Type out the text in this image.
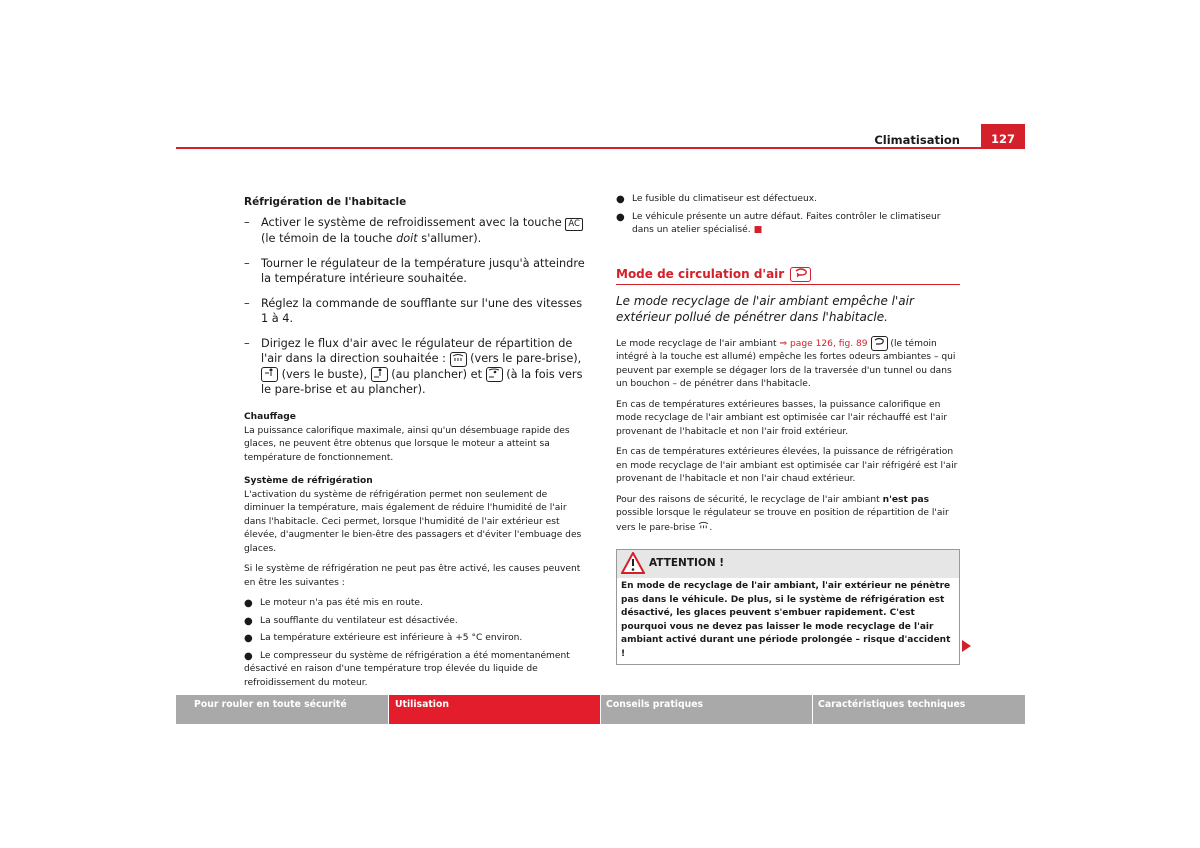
Climatisation	127
Réfrigération de l'habitacle
– Activer le système de refroidissement avec la touche AC (le témoin de la touche doit s'allumer).
– Tourner le régulateur de la température jusqu'à atteindre la température intérieure souhaitée.
– Réglez la commande de soufflante sur l'une des vitesses 1 à 4.
– Dirigez le flux d'air avec le régulateur de répartition de l'air dans la direction souhaitée :  (vers le pare-brise),  (vers le buste),  (au plancher) et  (à la fois vers le pare-brise et au plancher).
Chauffage

La puissance calorifique maximale, ainsi qu'un désembuage rapide des glaces, ne peuvent être obtenus que lorsque le moteur a atteint sa température de fonctionnement.

Système de réfrigération

L'activation du système de réfrigération permet non seulement de diminuer la température, mais également de réduire l'humidité de l'air dans l'habitacle. Ceci permet, lorsque l'humidité de l'air extérieur est élevée, d'augmenter le bien-être des passagers et d'éviter l'embuage des glaces.

Si le système de réfrigération ne peut pas être activé, les causes peuvent en être les suivantes :

● Le moteur n'a pas été mis en route.
● La soufflante du ventilateur est désactivée.
● La température extérieure est inférieure à +5 °C environ.
● Le compresseur du système de réfrigération a été momentanément désactivé en raison d'une température trop élevée du liquide de refroidissement du moteur.
● Le fusible du climatiseur est défectueux.
● Le véhicule présente un autre défaut. Faites contrôler le climatiseur dans un atelier spécialisé. ■
Mode de circulation d'air
Le mode recyclage de l'air ambiant empêche l'air extérieur pollué de pénétrer dans l'habitacle.

Le mode recyclage de l'air ambiant ⇒ page 126, fig. 89  (le témoin intégré à la touche est allumé) empêche les fortes odeurs ambiantes – qui peuvent par exemple se dégager lors de la traversée d'un tunnel ou dans un bouchon – de pénétrer dans l'habitacle.

En cas de températures extérieures basses, la puissance calorifique en mode recyclage de l'air ambiant est optimisée car l'air réchauffé est l'air provenant de l'habitacle et non l'air froid extérieur.

En cas de températures extérieures élevées, la puissance de réfrigération en mode recyclage de l'air ambiant est optimisée car l'air réfrigéré est l'air provenant de l'habitacle et non l'air chaud extérieur.

Pour des raisons de sécurité, le recyclage de l'air ambiant n'est pas possible lorsque le régulateur se trouve en position de répartition de l'air vers le pare-brise .

ATTENTION !
En mode de recyclage de l'air ambiant, l'air extérieur ne pénètre pas dans le véhicule. De plus, si le système de réfrigération est désactivé, les glaces peuvent s'embuer rapidement. C'est pourquoi vous ne devez pas laisser le mode recyclage de l'air ambiant activé durant une période prolongée – risque d'accident !
Pour rouler en toute sécurité	Utilisation	Conseils pratiques	Caractéristiques techniques
